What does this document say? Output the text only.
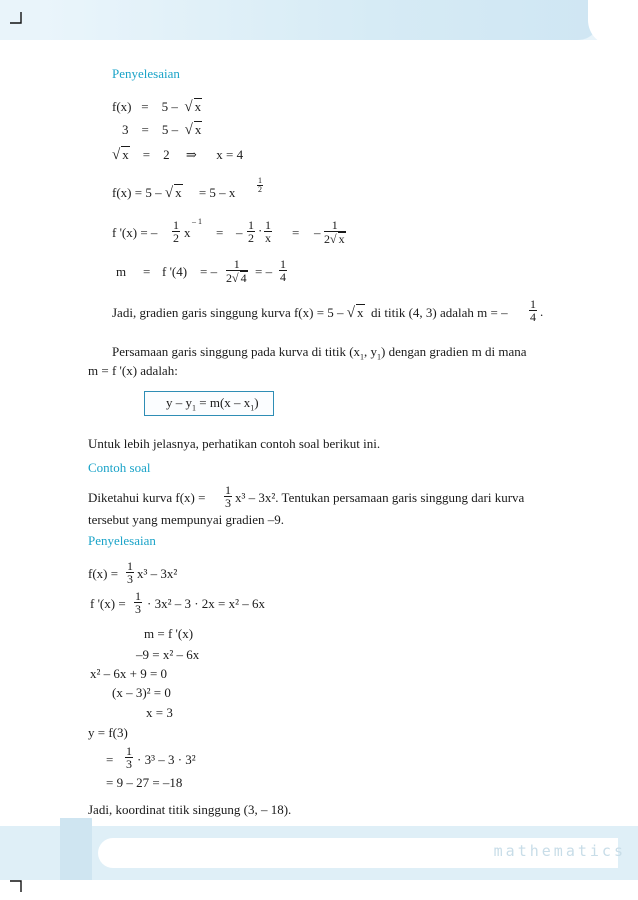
Penyelesaian
f(x) = 5 – √ x
3 = 5 – √ x
√ x = 2 ⇒ x = 4
f(x) = 5 – √ x = 5 – x	$\frac{1}{2}$
f '(x) = – $\frac{1}{2}$ x
– 1
= – $\frac{1}{2} \cdot \frac{1}{x}$ = – $\frac{1}{2√ x}$
m = f '(4) = – $\frac{1}{2√ 4}$ = – $\frac{1}{4}$
Jadi, gradien garis singgung kurva f(x) = 5 – √ x di titik (4, 3) adalah m = – $\frac{1}{4}$ .
Persamaan garis singgung pada kurva di titik ($x_1$, $y_1$) dengan gradien m di mana
m = f '(x) adalah:
$y - y_1 = m(x - x_1)$
Untuk lebih jelasnya, perhatikan contoh soal berikut ini.
Contoh soal
Diketahui kurva $f(x) = \frac{1}{3} x^3 - 3x^2$. Tentukan persamaan garis singgung dari kurva
tersebut yang mempunyai gradien –9.
Penyelesaian
$f(x) = \frac{1}{3} x^3 - 3x^2$
f '$(x) = \frac{1}{3} \cdot 3x^2 - 3 \cdot 2x = x^2 - 6x$
m = f '(x)
–9 = x² – 6x
x² – 6x + 9 = 0
(x – 3)² = 0
x = 3
y = f(3)
= $\frac{1}{3} \cdot 3^3 - 3 \cdot 3^2$
= 9 – 27 = –18
Jadi, koordinat titik singgung (3, – 18).
mathematics
